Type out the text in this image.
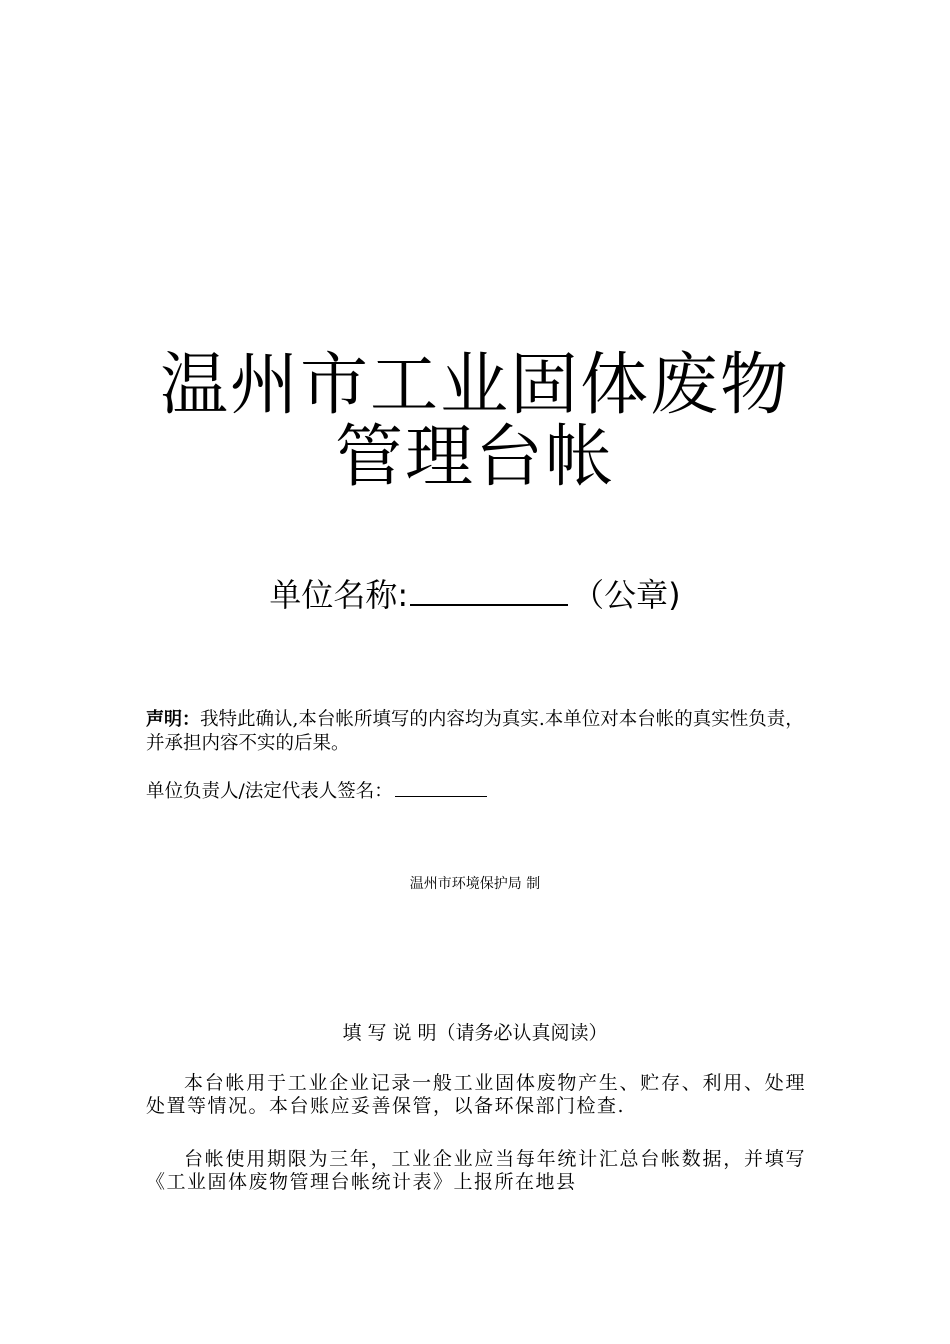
温州市工业固体废物
管理台帐
单位名称:	（公章)
声明：我特此确认,本台帐所填写的内容均为真实.本单位对本台帐的真实性负责，并承担内容不实的后果。
单位负责人/法定代表人签名：
温州市环境保护局 制
填 写 说 明（请务必认真阅读）
本台帐用于工业企业记录一般工业固体废物产生、贮存、利用、处理处置等情况。本台账应妥善保管，以备环保部门检查.
台帐使用期限为三年，工业企业应当每年统计汇总台帐数据，并填写《工业固体废物管理台帐统计表》上报所在地县
